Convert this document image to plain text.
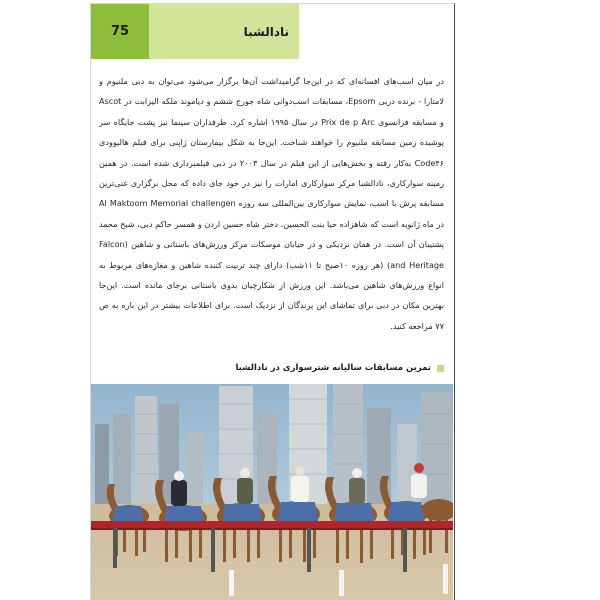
75	نادالشبا

در میان اسب‌های افسانه‌ای که در این‌جا گرامیداشت آن‌ها برگزار می‌شود می‌توان به دبی ملنیوم و لامتارا - برنده دربی Epsom، مسابقات اسب‌دوانی شاه جورج ششم و دیاموند ملکه الیزابت در Ascot و مسابقه فرانسوی Prix de p Arc در سال ۱۹۹۵ اشاره کرد. طرفداران سینما نیز پشت جایگاه سر پوشیده زمین مسابقه ملنیوم را خواهند شناخت. این‌جا به شکل بیمارستان ژاپنی برای فیلم هالیوودی Code۴۶ به‌کار رفته و بخش‌هایی از این فیلم در سال ۲۰۰۳ در دبی فیلمبرداری شده است. در همین زمینه سوارکاری، نادالشبا مرکز سوارکاری امارات را نیز در خود جای داده که محل برگزاری غنی‌ترین مسابقه پرش با اسب، نمایش سوارکاری بین‌المللی سه روزه Al Maktoom Memorial challengen در ماه ژانویه است که شاهزاده حیا بنت الحسین، دختر شاه حسین اردن و همسر حاکم دبی، شیخ محمد پشتیبان آن است. در همان نزدیکی و در خیابان موسکات مرکز ورزش‌های باستانی و شاهین (Falcon and Heritage) (هر روزه ۱۰صبح تا ۱۱شب) دارای چند تربیت کننده شاهین و مغازه‌های مربوط به انواع ورزش‌های شاهین می‌باشد. این ورزش از شکارچیان بدوی باستانی برجای مانده است. این‌جا بهترین مکان در دبی برای تماشای این پرندگان از نزدیک است. برای اطلاعات بیشتر در این باره به ص ۷۷ مراجعه کنید.

تمرین مسابقات سالیانه شترسواری در نادالشبا
